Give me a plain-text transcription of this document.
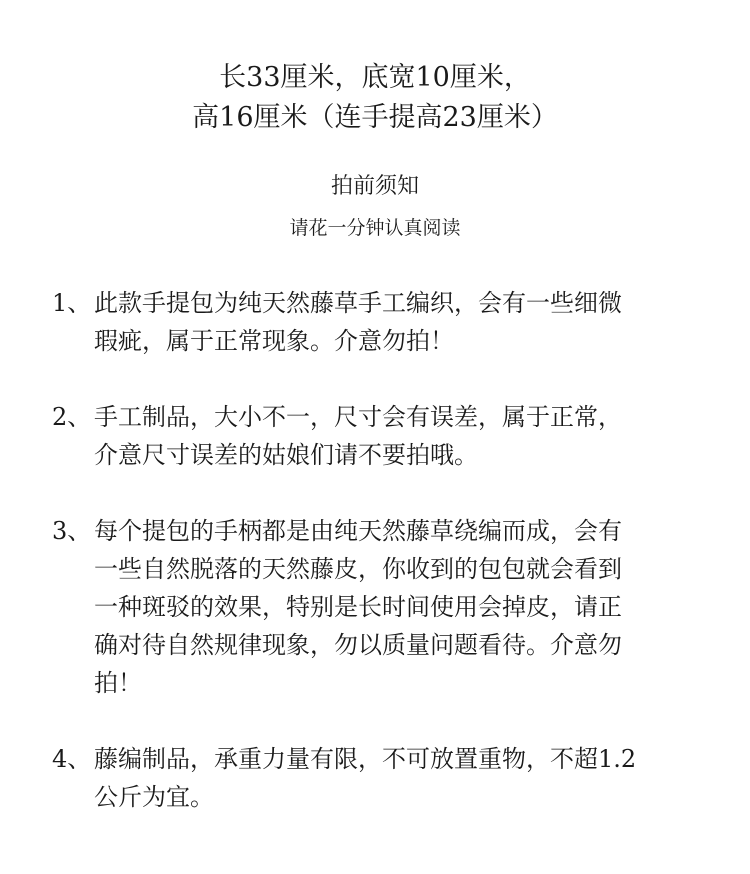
长33厘米，底宽10厘米，
高16厘米（连手提高23厘米）
拍前须知
请花一分钟认真阅读
1、 此款手提包为纯天然藤草手工编织，会有一些细微
瑕疵，属于正常现象。介意勿拍！
2、 手工制品，大小不一，尺寸会有误差，属于正常，
介意尺寸误差的姑娘们请不要拍哦。
3、 每个提包的手柄都是由纯天然藤草绕编而成，会有
一些自然脱落的天然藤皮，你收到的包包就会看到
一种斑驳的效果，特别是长时间使用会掉皮，请正
确对待自然规律现象，勿以质量问题看待。介意勿
拍！
4、 藤编制品，承重力量有限，不可放置重物，不超1.2
公斤为宜。
